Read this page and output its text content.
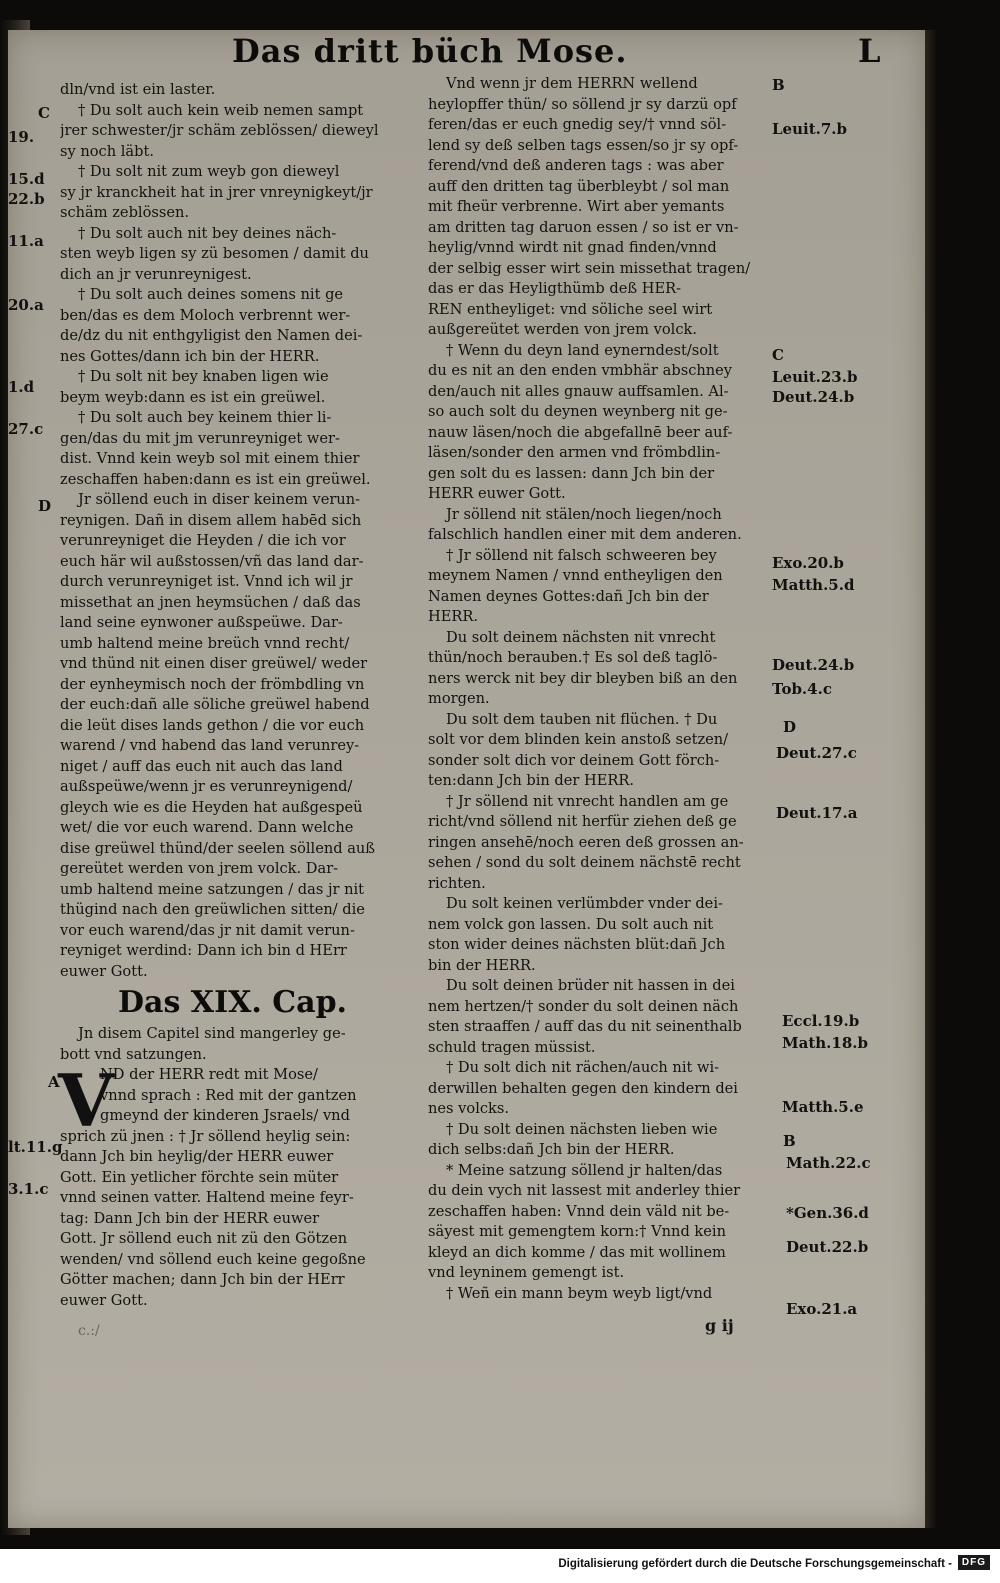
Das dritt büch Mose.	L
dln/vnd ist ein laster.
† Du solt auch kein weib nemen sampt
jrer schwester/jr schäm zeblössen/ dieweyl
sy noch läbt.
† Du solt nit zum weyb gon dieweyl
sy jr kranckheit hat in jrer vnreynigkeyt/jr
schäm zeblössen.
† Du solt auch nit bey deines näch-
sten weyb ligen sy zü besomen / damit du
dich an jr verunreynigest.
† Du solt auch deines somens nit ge
ben/das es dem Moloch verbrennt wer-
de/dz du nit enthgyligist den Namen dei-
nes Gottes/dann ich bin der HERR.
† Du solt nit bey knaben ligen wie
beym weyb:dann es ist ein greüwel.
† Du solt auch bey keinem thier li-
gen/das du mit jm verunreyniget wer-
dist. Vnnd kein weyb sol mit einem thier
zeschaffen haben:dann es ist ein greüwel.
Jr söllend euch in diser keinem verun-
reynigen. Dañ in disem allem habēd sich
verunreyniget die Heyden / die ich vor
euch här wil außstossen/vñ das land dar-
durch verunreyniget ist. Vnnd ich wil jr
missethat an jnen heymsüchen / daß das
land seine eynwoner außspeüwe. Dar-
umb haltend meine breüch vnnd recht/
vnd thünd nit einen diser greüwel/ weder
der eynheymisch noch der frömbdling vn
der euch:dañ alle söliche greüwel habend
die leüt dises lands gethon / die vor euch
warend / vnd habend das land verunrey-
niget / auff das euch nit auch das land
außspeüwe/wenn jr es verunreynigend/
gleych wie es die Heyden hat außgespeü
wet/ die vor euch warend. Dann welche
dise greüwel thünd/der seelen söllend auß
gereütet werden von jrem volck. Dar-
umb haltend meine satzungen / das jr nit
thügind nach den greüwlichen sitten/ die
vor euch warend/das jr nit damit verun-
reyniget werdind: Dann ich bin d HErr
euwer Gott.
Das XIX. Cap.
Jn disem Capitel sind mangerley ge-
bott vnd satzungen.
V
ND der HERR redt mit Mose/
vnnd sprach : Red mit der gantzen
gmeynd der kinderen Jsraels/ vnd
sprich zü jnen : † Jr söllend heylig sein:
dann Jch bin heylig/der HERR euwer
Gott. Ein yetlicher förchte sein müter
vnnd seinen vatter. Haltend meine feyr-
tag: Dann Jch bin der HERR euwer
Gott. Jr söllend euch nit zü den Götzen
wenden/ vnd söllend euch keine gegoßne
Götter machen; dann Jch bin der HErr
euwer Gott.
Vnd wenn jr dem HERRN wellend
heylopffer thün/ so söllend jr sy darzü opf
feren/das er euch gnedig sey/† vnnd söl-
lend sy deß selben tags essen/so jr sy opf-
ferend/vnd deß anderen tags : was aber
auff den dritten tag überbleybt / sol man
mit fheür verbrenne. Wirt aber yemants
am dritten tag daruon essen / so ist er vn-
heylig/vnnd wirdt nit gnad finden/vnnd
der selbig esser wirt sein missethat tragen/
das er das Heyligthümb deß HER-
REN entheyliget: vnd söliche seel wirt
außgereütet werden von jrem volck.
† Wenn du deyn land eynerndest/solt
du es nit an den enden vmbhär abschney
den/auch nit alles gnauw auffsamlen. Al-
so auch solt du deynen weynberg nit ge-
nauw läsen/noch die abgefallnē beer auf-
läsen/sonder den armen vnd frömbdlin-
gen solt du es lassen: dann Jch bin der
HERR euwer Gott.
Jr söllend nit stälen/noch liegen/noch
falschlich handlen einer mit dem anderen.
† Jr söllend nit falsch schweeren bey
meynem Namen / vnnd entheyligen den
Namen deynes Gottes:dañ Jch bin der
HERR.
Du solt deinem nächsten nit vnrecht
thün/noch berauben.† Es sol deß taglö-
ners werck nit bey dir bleyben biß an den
morgen.
Du solt dem tauben nit flüchen. † Du
solt vor dem blinden kein anstoß setzen/
sonder solt dich vor deinem Gott förch-
ten:dann Jch bin der HERR.
† Jr söllend nit vnrecht handlen am ge
richt/vnd söllend nit herfür ziehen deß ge
ringen ansehē/noch eeren deß grossen an-
sehen / sond du solt deinem nächstē recht
richten.
Du solt keinen verlümbder vnder dei-
nem volck gon lassen. Du solt auch nit
ston wider deines nächsten blüt:dañ Jch
bin der HERR.
Du solt deinen brüder nit hassen in dei
nem hertzen/† sonder du solt deinen näch
sten straaffen / auff das du nit seinenthalb
schuld tragen müssist.
† Du solt dich nit rächen/auch nit wi-
derwillen behalten gegen den kindern dei
nes volcks.
† Du solt deinen nächsten lieben wie
dich selbs:dañ Jch bin der HERR.
* Meine satzung söllend jr halten/das
du dein vych nit lassest mit anderley thier
zeschaffen haben: Vnnd dein väld nit be-
säyest mit gemengtem korn:† Vnnd kein
kleyd an dich komme / das mit wollinem
vnd leyninem gemengt ist.
† Weñ ein mann beym weyb ligt/vnd
C
19.
15.d
22.b
11.a
20.a
1.d
27.c
D
A
lt.11.g
3.1.c
B
Leuit.7.b
C
Leuit.23.b
Deut.24.b
Exo.20.b
Matth.5.d
Deut.24.b
Tob.4.c
D
Deut.27.c
Deut.17.a
Eccl.19.b
Math.18.b
Matth.5.e
B
Math.22.c
*Gen.36.d
Deut.22.b
Exo.21.a
c.:/	g ij
Digitalisierung gefördert durch die Deutsche Forschungsgemeinschaft - DFG
